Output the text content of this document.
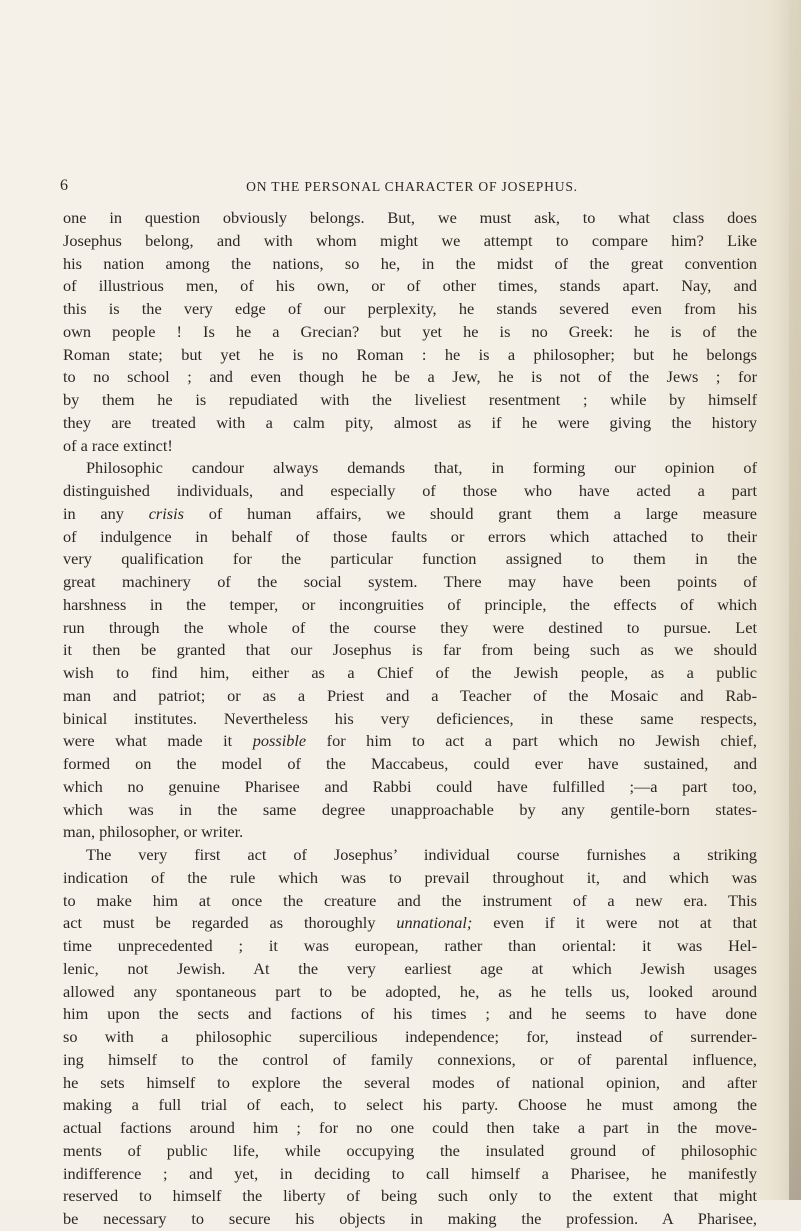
6	ON THE PERSONAL CHARACTER OF JOSEPHUS.
one in question obviously belongs. But, we must ask, to what class does
Josephus belong, and with whom might we attempt to compare him? Like
his nation among the nations, so he, in the midst of the great convention
of illustrious men, of his own, or of other times, stands apart. Nay, and
this is the very edge of our perplexity, he stands severed even from his
own people ! Is he a Grecian? but yet he is no Greek: he is of the
Roman state; but yet he is no Roman : he is a philosopher; but he belongs
to no school ; and even though he be a Jew, he is not of the Jews ; for
by them he is repudiated with the liveliest resentment ; while by himself
they are treated with a calm pity, almost as if he were giving the history
of a race extinct!
Philosophic candour always demands that, in forming our opinion of
distinguished individuals, and especially of those who have acted a part
in any crisis of human affairs, we should grant them a large measure
of indulgence in behalf of those faults or errors which attached to their
very qualification for the particular function assigned to them in the
great machinery of the social system. There may have been points of
harshness in the temper, or incongruities of principle, the effects of which
run through the whole of the course they were destined to pursue. Let
it then be granted that our Josephus is far from being such as we should
wish to find him, either as a Chief of the Jewish people, as a public
man and patriot; or as a Priest and a Teacher of the Mosaic and Rab-
binical institutes. Nevertheless his very deficiences, in these same respects,
were what made it possible for him to act a part which no Jewish chief,
formed on the model of the Maccabeus, could ever have sustained, and
which no genuine Pharisee and Rabbi could have fulfilled ;—a part too,
which was in the same degree unapproachable by any gentile-born states-
man, philosopher, or writer.
The very first act of Josephus’ individual course furnishes a striking
indication of the rule which was to prevail throughout it, and which was
to make him at once the creature and the instrument of a new era. This
act must be regarded as thoroughly unnational; even if it were not at that
time unprecedented ; it was european, rather than oriental: it was Hel-
lenic, not Jewish. At the very earliest age at which Jewish usages
allowed any spontaneous part to be adopted, he, as he tells us, looked around
him upon the sects and factions of his times ; and he seems to have done
so with a philosophic supercilious independence; for, instead of surrender-
ing himself to the control of family connexions, or of parental influence,
he sets himself to explore the several modes of national opinion, and after
making a full trial of each, to select his party. Choose he must among the
actual factions around him ; for no one could then take a part in the move-
ments of public life, while occupying the insulated ground of philosophic
indifference ; and yet, in deciding to call himself a Pharisee, he manifestly
reserved to himself the liberty of being such only to the extent that might
be necessary to secure his objects in making the profession. A Pharisee,
